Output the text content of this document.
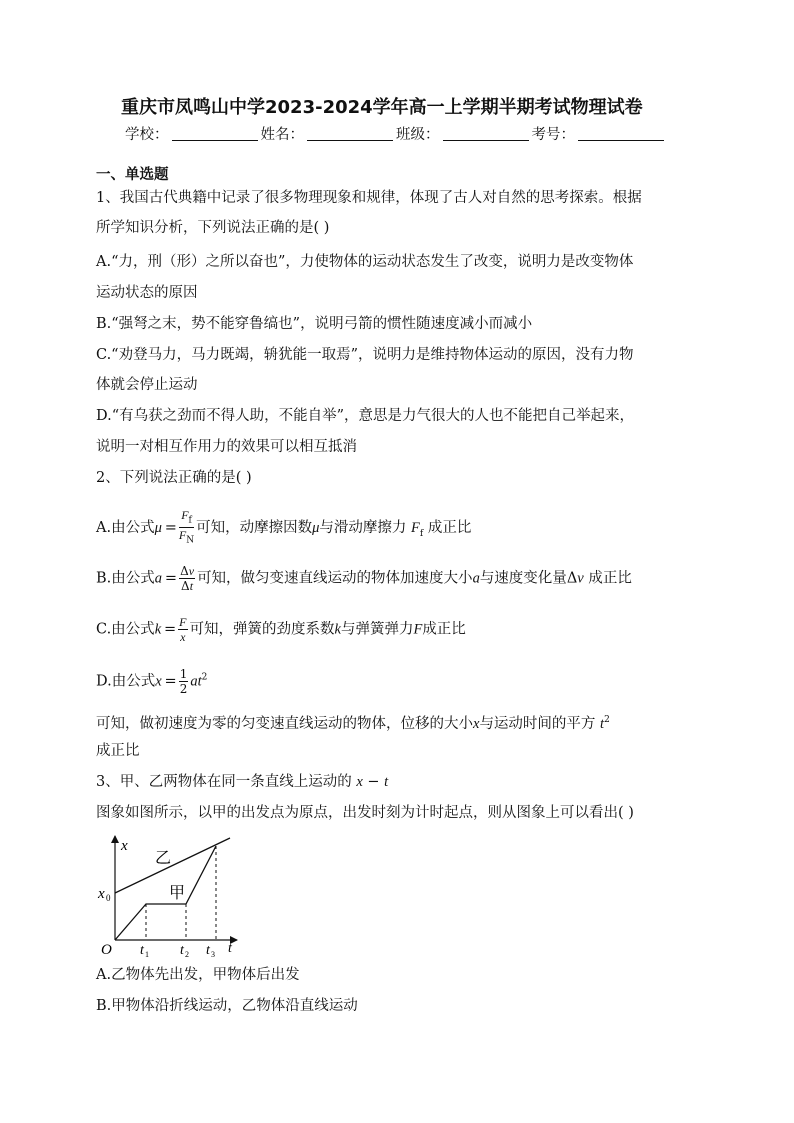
重庆市凤鸣山中学2023-2024学年高一上学期半期考试物理试卷
学校：	姓名：	班级：	考号：
一、单选题
1、我国古代典籍中记录了很多物理现象和规律，体现了古人对自然的思考探索。根据
所学知识分析，下列说法正确的是( )
A.“力，刑（形）之所以奋也”，力使物体的运动状态发生了改变，说明力是改变物体
运动状态的原因
B.“强弩之末，势不能穿鲁缟也”，说明弓箭的惯性随速度减小而减小
C.“劝登马力，马力既竭，辀犹能一取焉”，说明力是维持物体运动的原因，没有力物
体就会停止运动
D.“有乌获之劲而不得人助，不能自举”，意思是力气很大的人也不能把自己举起来，
说明一对相互作用力的效果可以相互抵消
2、下列说法正确的是( )
A.由公式$\mu = \frac{F_f}{F_N}$ 可知，动摩擦因数μ与滑动摩擦力 $F_f$ 成正比
B.由公式$a = \frac{\Delta v}{\Delta t}$ 可知，做匀变速直线运动的物体加速度大小a与速度变化量Δv 成正比
C.由公式$k = \frac{F}{x}$ 可知，弹簧的劲度系数k与弹簧弹力F成正比
D.由公式$x = \frac{1}{2} at^2$
可知，做初速度为零的匀变速直线运动的物体，位移的大小x与运动时间的平方 $t^2$
成正比
3、甲、乙两物体在同一条直线上运动的 x − t
图象如图所示，以甲的出发点为原点，出发时刻为计时起点，则从图象上可以看出( )
x
t
O
x 0
乙
甲
t 1 t 2 t 3
A.乙物体先出发，甲物体后出发
B.甲物体沿折线运动，乙物体沿直线运动
